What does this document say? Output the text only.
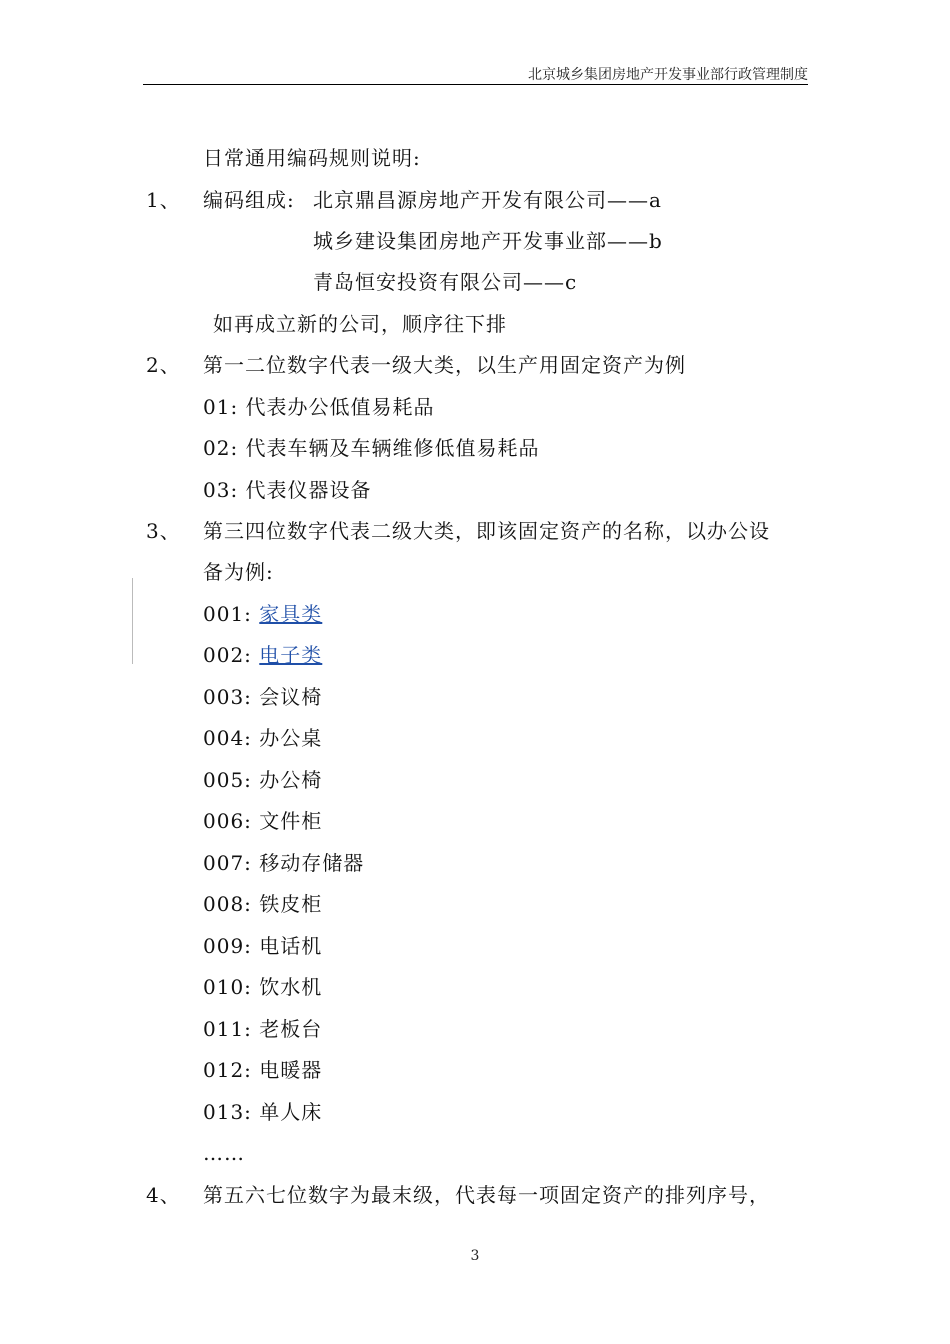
北京城乡集团房地产开发事业部行政管理制度
日常通用编码规则说明:
1、 编码组成: 北京鼎昌源房地产开发有限公司——a
城乡建设集团房地产开发事业部——b
青岛恒安投资有限公司——c
如再成立新的公司，顺序往下排
2、 第一二位数字代表一级大类，以生产用固定资产为例
01: 代表办公低值易耗品
02: 代表车辆及车辆维修低值易耗品
03: 代表仪器设备
3、 第三四位数字代表二级大类，即该固定资产的名称，以办公设
备为例:
001: 家具类
002: 电子类
003: 会议椅
004: 办公桌
005: 办公椅
006: 文件柜
007: 移动存储器
008: 铁皮柜
009: 电话机
010: 饮水机
011: 老板台
012: 电暖器
013: 单人床
……
4、 第五六七位数字为最末级，代表每一项固定资产的排列序号，
3
